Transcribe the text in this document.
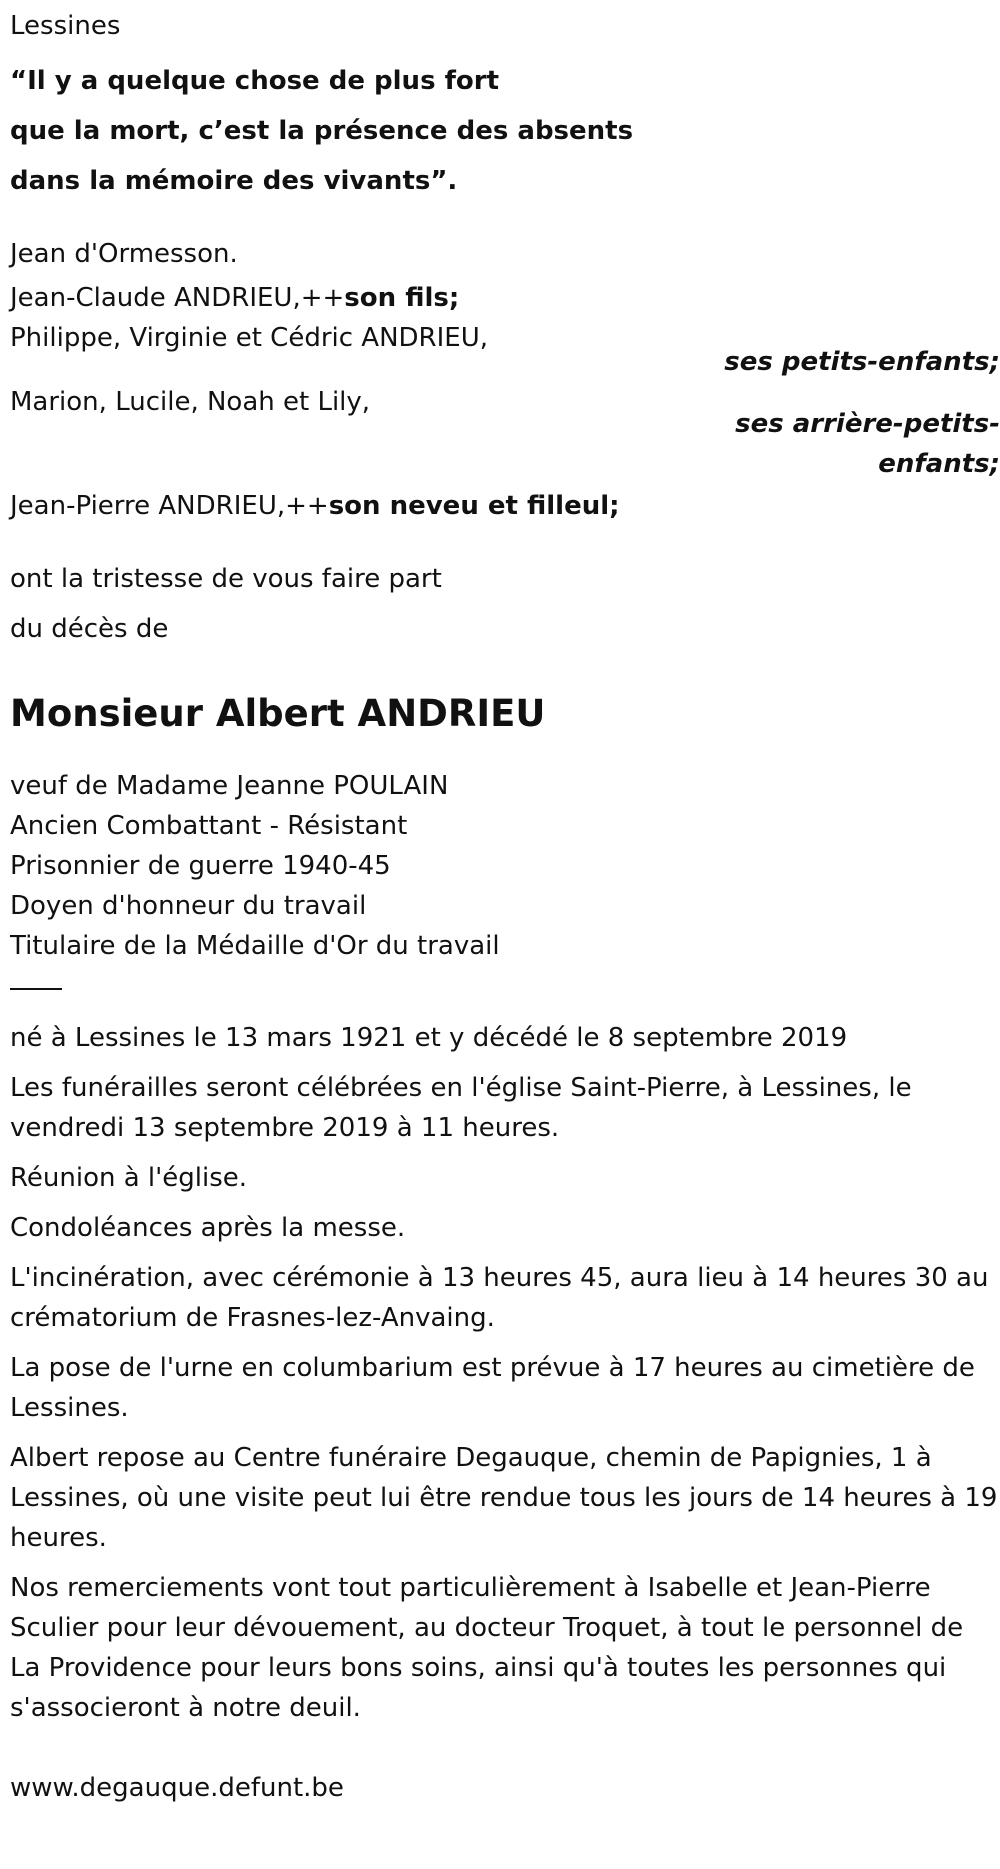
Lessines
“Il y a quelque chose de plus fort
que la mort, c’est la présence des absents
dans la mémoire des vivants”.
Jean d'Ormesson.
Jean-Claude ANDRIEU,++son fils;
Philippe, Virginie et Cédric ANDRIEU,
ses petits-enfants;
Marion, Lucile, Noah et Lily,
ses arrière-petits-enfants;
Jean-Pierre ANDRIEU,++son neveu et filleul;
ont la tristesse de vous faire part
du décès de
Monsieur Albert ANDRIEU
veuf de Madame Jeanne POULAIN
Ancien Combattant - Résistant
Prisonnier de guerre 1940-45
Doyen d'honneur du travail
Titulaire de la Médaille d'Or du travail
né à Lessines le 13 mars 1921 et y décédé le 8 septembre 2019
Les funérailles seront célébrées en l'église Saint-Pierre, à Lessines, le vendredi 13 septembre 2019 à 11 heures.
Réunion à l'église.
Condoléances après la messe.
L'incinération, avec cérémonie à 13 heures 45, aura lieu à 14 heures 30 au crématorium de Frasnes-lez-Anvaing.
La pose de l'urne en columbarium est prévue à 17 heures au cimetière de Lessines.
Albert repose au Centre funéraire Degauque, chemin de Papignies, 1 à Lessines, où une visite peut lui être rendue tous les jours de 14 heures à 19 heures.
Nos remerciements vont tout particulièrement à Isabelle et Jean-Pierre Sculier pour leur dévouement, au docteur Troquet, à tout le personnel de La Providence pour leurs bons soins, ainsi qu'à toutes les personnes qui s'associeront à notre deuil.
www.degauque.defunt.be
